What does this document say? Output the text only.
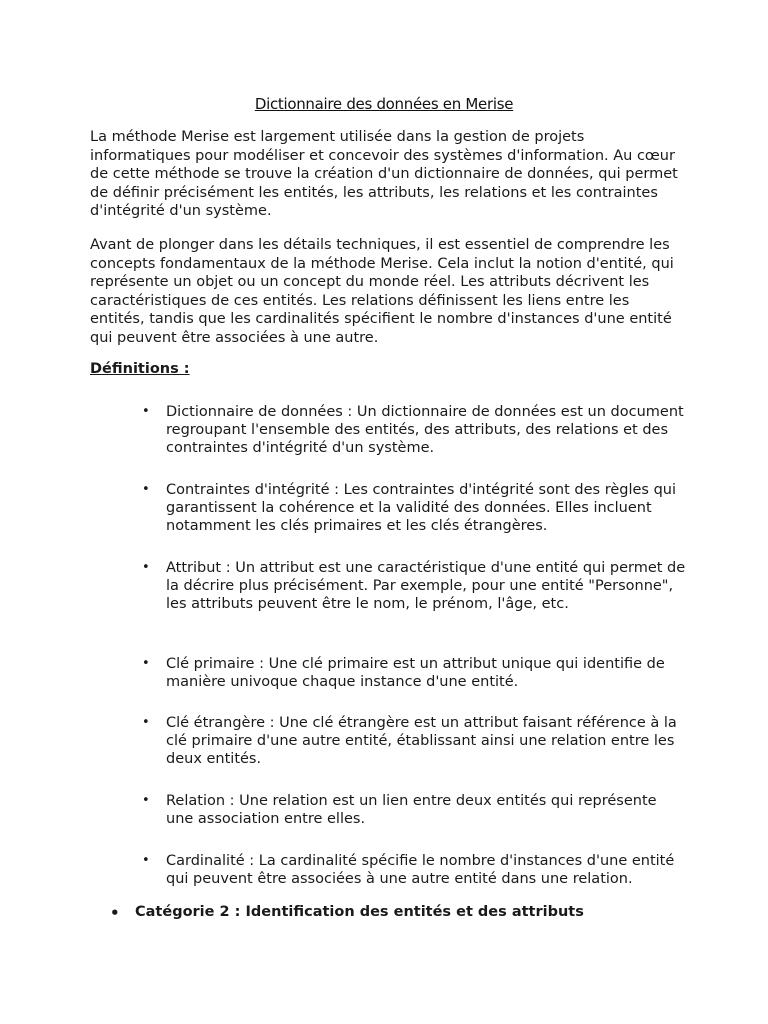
Dictionnaire des données en Merise
La méthode Merise est largement utilisée dans la gestion de projets informatiques pour modéliser et concevoir des systèmes d'information. Au cœur de cette méthode se trouve la création d'un dictionnaire de données, qui permet de définir précisément les entités, les attributs, les relations et les contraintes d'intégrité d'un système.
Avant de plonger dans les détails techniques, il est essentiel de comprendre les concepts fondamentaux de la méthode Merise. Cela inclut la notion d'entité, qui représente un objet ou un concept du monde réel. Les attributs décrivent les caractéristiques de ces entités. Les relations définissent les liens entre les entités, tandis que les cardinalités spécifient le nombre d'instances d'une entité qui peuvent être associées à une autre.
Définitions :
• Dictionnaire de données : Un dictionnaire de données est un document regroupant l'ensemble des entités, des attributs, des relations et des contraintes d'intégrité d'un système.
• Contraintes d'intégrité : Les contraintes d'intégrité sont des règles qui garantissent la cohérence et la validité des données. Elles incluent notamment les clés primaires et les clés étrangères.
• Attribut : Un attribut est une caractéristique d'une entité qui permet de la décrire plus précisément. Par exemple, pour une entité "Personne", les attributs peuvent être le nom, le prénom, l'âge, etc.
• Clé primaire : Une clé primaire est un attribut unique qui identifie de manière univoque chaque instance d'une entité.
• Clé étrangère : Une clé étrangère est un attribut faisant référence à la clé primaire d'une autre entité, établissant ainsi une relation entre les deux entités.
• Relation : Une relation est un lien entre deux entités qui représente une association entre elles.
• Cardinalité : La cardinalité spécifie le nombre d'instances d'une entité qui peuvent être associées à une autre entité dans une relation.
• Catégorie 2 : Identification des entités et des attributs
